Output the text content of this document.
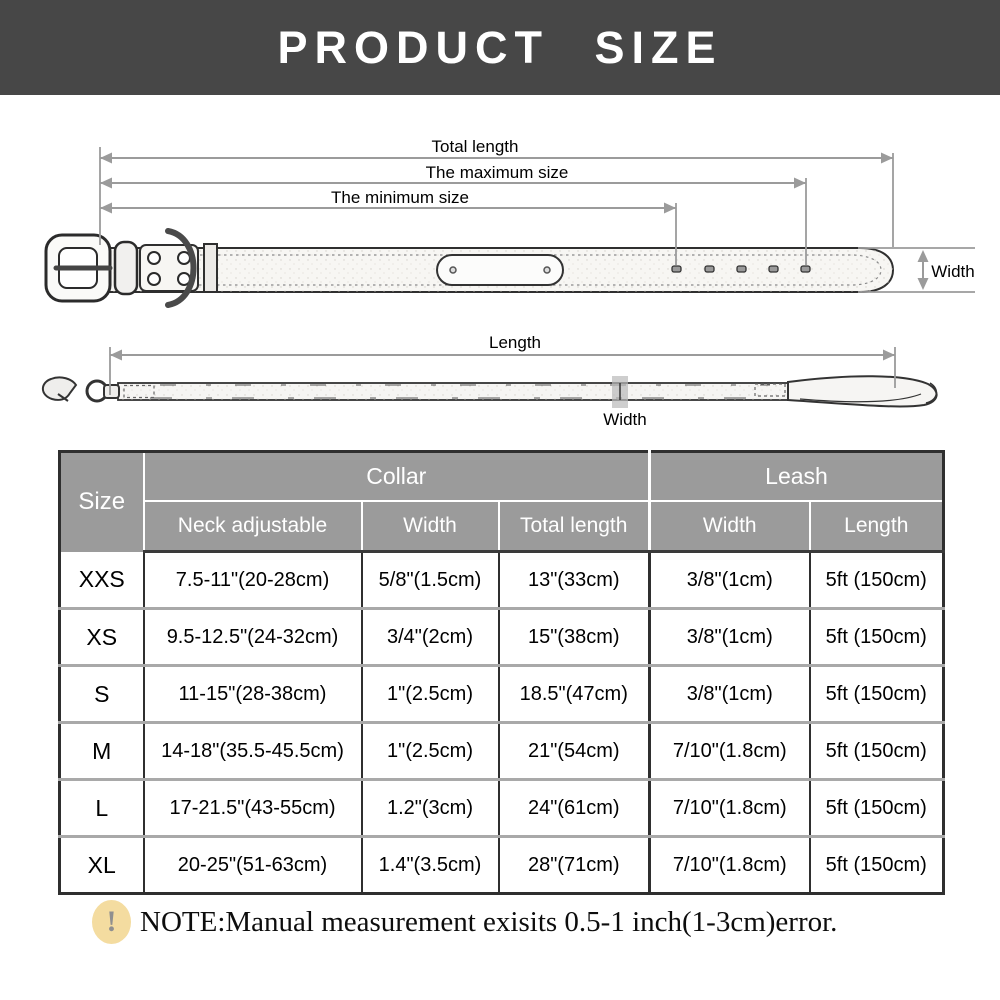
PRODUCT SIZE
Total length
The maximum size
The minimum size
Width
Length
Width
Size	Collar			Leash	
	Neck adjustable	Width	Total length	Width	Length
XXS	7.5-11"(20-28cm)	5/8"(1.5cm)	13"(33cm)	3/8"(1cm)	5ft (150cm)
XS	9.5-12.5"(24-32cm)	3/4"(2cm)	15"(38cm)	3/8"(1cm)	5ft (150cm)
S	11-15"(28-38cm)	1"(2.5cm)	18.5"(47cm)	3/8"(1cm)	5ft (150cm)
M	14-18"(35.5-45.5cm)	1"(2.5cm)	21"(54cm)	7/10"(1.8cm)	5ft (150cm)
L	17-21.5"(43-55cm)	1.2"(3cm)	24"(61cm)	7/10"(1.8cm)	5ft (150cm)
XL	20-25"(51-63cm)	1.4"(3.5cm)	28"(71cm)	7/10"(1.8cm)	5ft (150cm)
! NOTE:Manual measurement exisits 0.5-1 inch(1-3cm)error.
